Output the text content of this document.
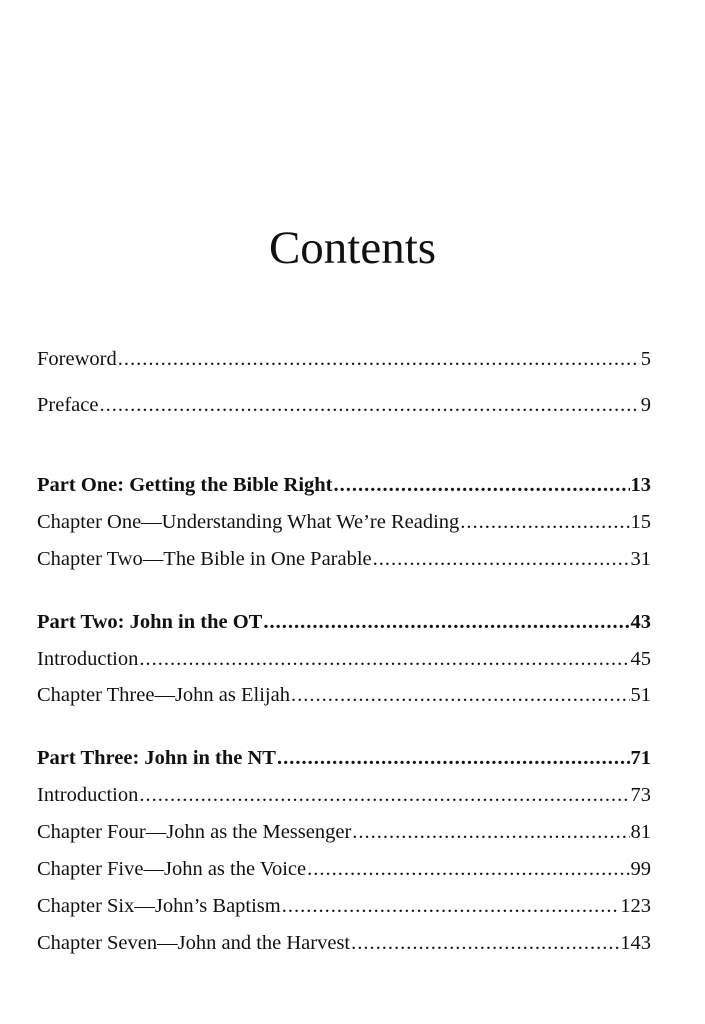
Contents
Foreword .....	5
Preface .....	9
Part One: Getting the Bible Right .....	13
Chapter One—Understanding What We’re Reading .....	15
Chapter Two—The Bible in One Parable .....	31
Part Two: John in the OT .....	43
Introduction .....	45
Chapter Three—John as Elijah .....	51
Part Three: John in the NT .....	71
Introduction .....	73
Chapter Four—John as the Messenger .....	81
Chapter Five—John as the Voice .....	99
Chapter Six—John’s Baptism .....	123
Chapter Seven—John and the Harvest .....	143
